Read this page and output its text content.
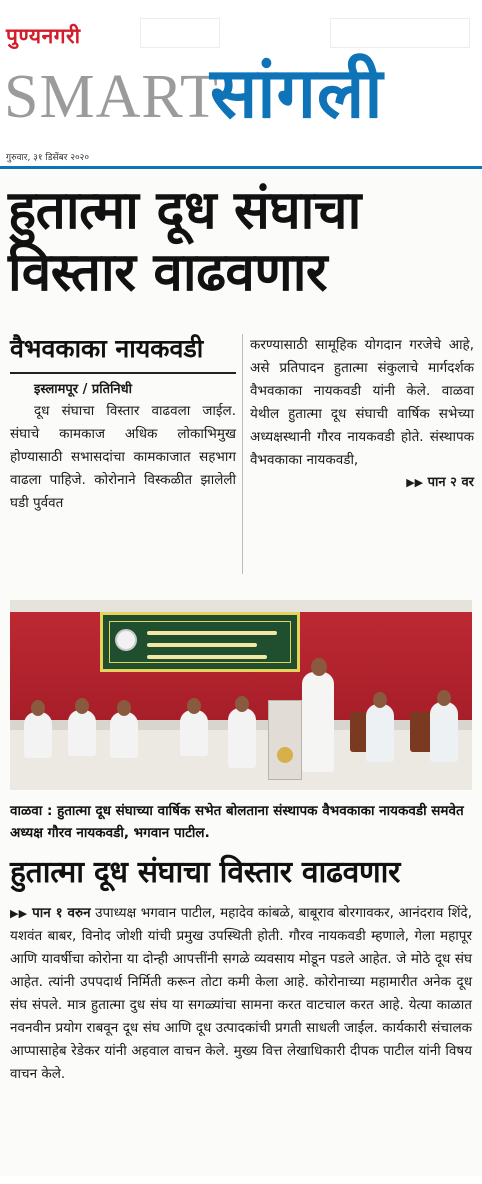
पुण्यनगरी
SMART
सांगली
गुरुवार, ३१ डिसेंबर २०२०
हुतात्मा दूध संघाचा विस्तार वाढवणार
वैभवकाका नायकवडी
इस्लामपूर / प्रतिनिधी

दूध संघाचा विस्तार वाढवला जाईल. संघाचे कामकाज अधिक लोकाभिमुख होण्यासाठी सभासदांचा कामकाजात सहभाग वाढला पाहिजे. कोरोनाने विस्कळीत झालेली घडी पुर्ववत

करण्यासाठी सामूहिक योगदान गरजेचे आहे, असे प्रतिपादन हुतात्मा संकुलाचे मार्गदर्शक वैभवकाका नायकवडी यांनी केले. वाळवा येथील हुतात्मा दूध संघाची वार्षिक सभेच्या अध्यक्षस्थानी गौरव नायकवडी होते. संस्थापक वैभवकाका नायकवडी,

▶▶ पान २ वर

वाळवा : हुतात्मा दूध संघाच्या वार्षिक सभेत बोलताना संस्थापक वैभवकाका नायकवडी समवेत अध्यक्ष गौरव नायकवडी, भगवान पाटील.

हुतात्मा दूध संघाचा विस्तार वाढवणार

▶▶ पान १ वरुन उपाध्यक्ष भगवान पाटील, महादेव कांबळे, बाबूराव बोरगावकर, आनंदराव शिंदे, यशवंत बाबर, विनोद जोशी यांची प्रमुख उपस्थिती होती. गौरव नायकवडी म्हणाले, गेला महापूर आणि यावर्षीचा कोरोना या दोन्ही आपत्तींनी सगळे व्यवसाय मोडून पडले आहेत. जे मोठे दूध संघ आहेत. त्यांनी उपपदार्थ निर्मिती करून तोटा कमी केला आहे. कोरोनाच्या महामारीत अनेक दूध संघ संपले. मात्र हुतात्मा दुध संघ या सगळ्यांचा सामना करत वाटचाल करत आहे. येत्या काळात नवनवीन प्रयोग राबवून दूध संघ आणि दूध उत्पादकांची प्रगती साधली जाईल. कार्यकारी संचालक आप्पासाहेब रेडेकर यांनी अहवाल वाचन केले. मुख्य वित्त लेखाधिकारी दीपक पाटील यांनी विषय वाचन केले.
